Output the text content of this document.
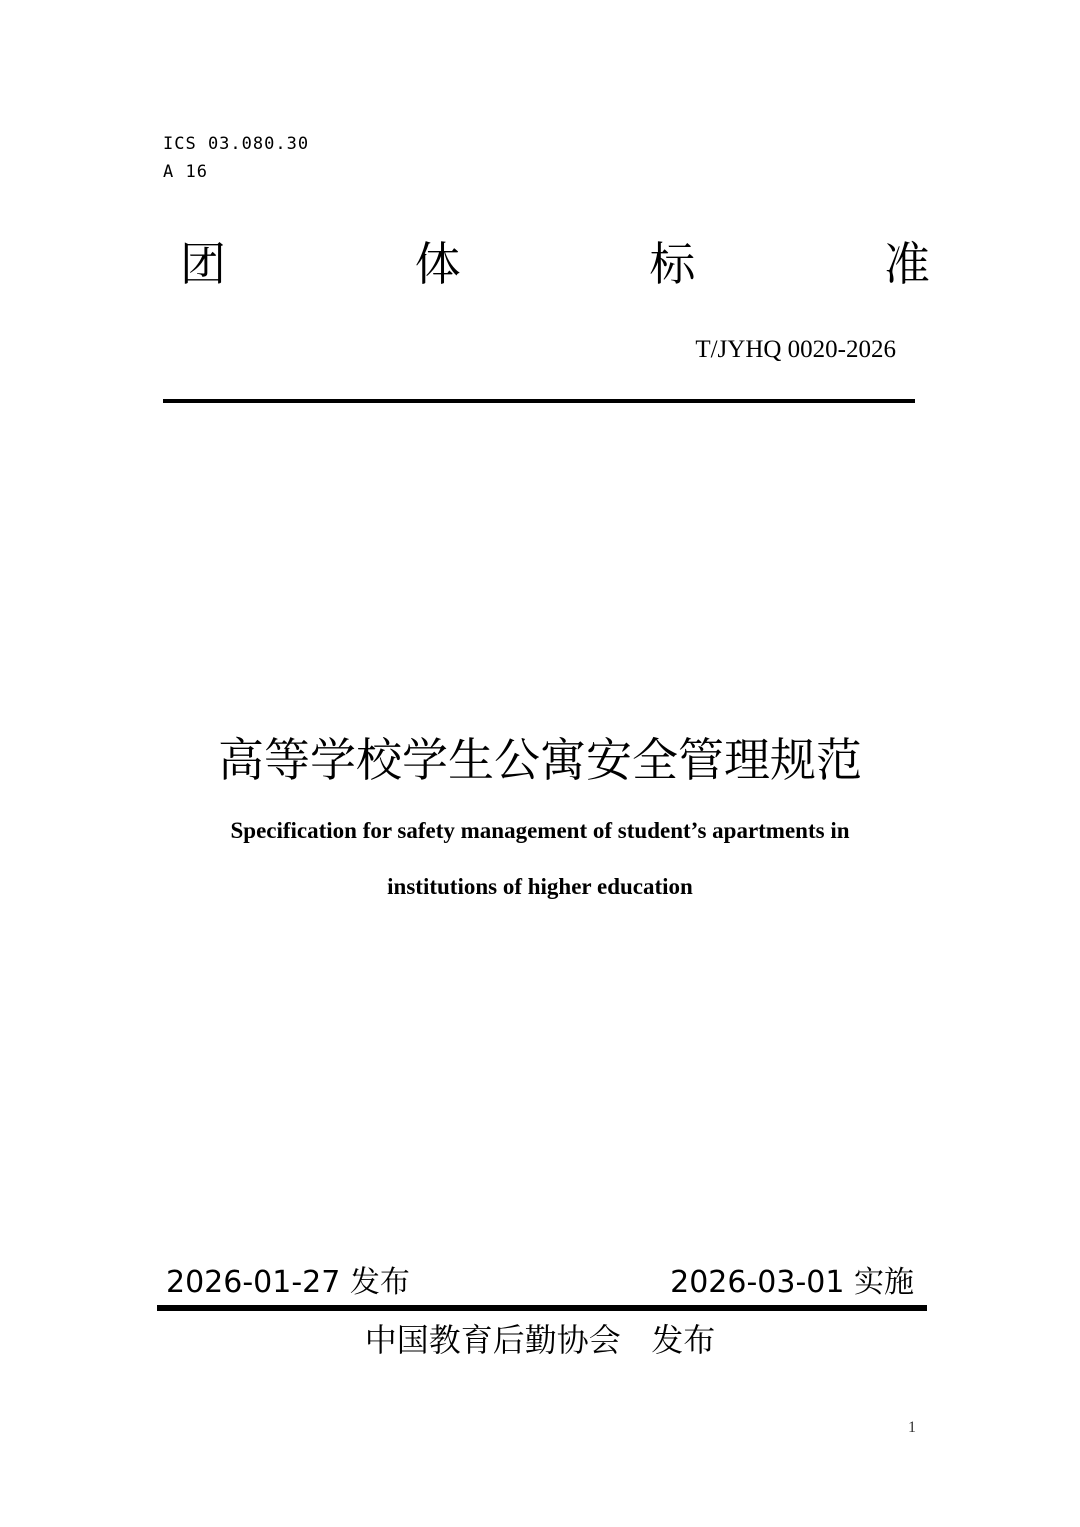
ICS 03.080.30
A 16
团	体	标	准
T/JYHQ 0020-2026
高等学校学生公寓安全管理规范
Specification for safety management of student’s apartments in
institutions of higher education
2026-01-27 发布	2026-03-01 实施
中国教育后勤协会   发布
1
